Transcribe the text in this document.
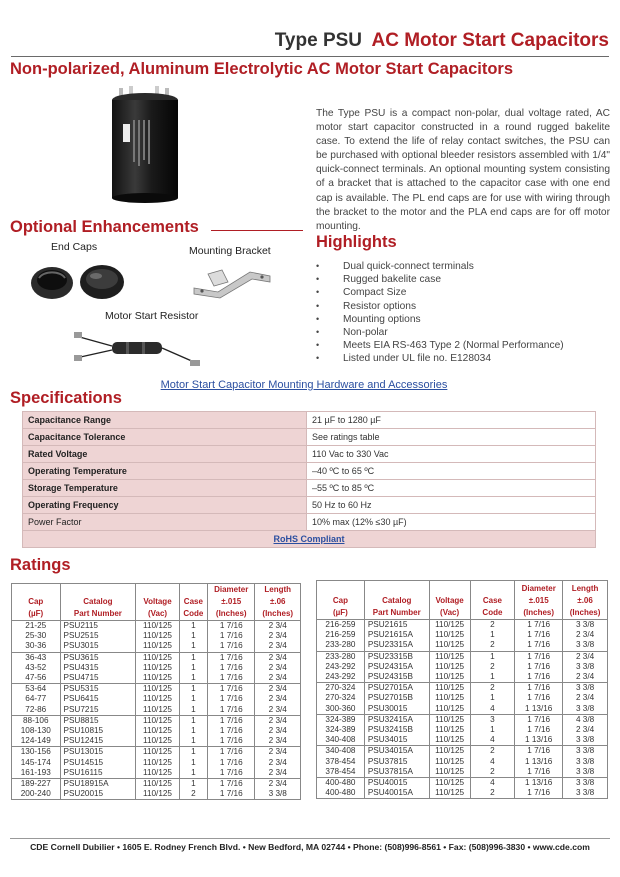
Type PSU AC Motor Start Capacitors
Non-polarized, Aluminum Electrolytic AC Motor Start Capacitors

The Type PSU is a compact non-polar, dual voltage rated, AC motor start capacitor constructed in a round rugged bakelite case. To extend the life of relay contact switches, the PSU can be purchased with optional bleeder resistors assembled with 1/4" quick-connect terminals. An optional mounting system consisting of a bracket that is attached to the capacitor case with one end cap is available. The PL end caps are for use with wiring through the bracket to the motor and the PLA end caps are for off motor mounting.

Optional Enhancements
End Caps	Mounting Bracket
Motor Start Resistor
Highlights
• Dual quick-connect terminals
• Rugged bakelite case
• Compact Size
• Resistor options
• Mounting options
• Non-polar
• Meets EIA RS-463 Type 2 (Normal Performance)
• Listed under UL file no. E128034
Motor Start Capacitor Mounting Hardware and Accessories
Specifications
Capacitance Range	21 µF to 1280 µF
Capacitance Tolerance	See ratings table
Rated Voltage	110 Vac to 330 Vac
Operating Temperature	–40 ºC to 65 ºC
Storage Temperature	–55 ºC to 85 ºC
Operating Frequency	50 Hz to 60 Hz
Power Factor	10% max (12% ≤30 µF)
RoHS Compliant	
Ratings
Cap
(µF)	Catalog
Part Number	Voltage
(Vac)	Case
Code	Diameter
±.015
(Inches)	Length
±.06
(Inches)
21-25	PSU2115	110/125	1	1 7/16	2 3/4
25-30	PSU2515	110/125	1	1 7/16	2 3/4
30-36	PSU3015	110/125	1	1 7/16	2 3/4
36-43	PSU3615	110/125	1	1 7/16	2 3/4
43-52	PSU4315	110/125	1	1 7/16	2 3/4
47-56	PSU4715	110/125	1	1 7/16	2 3/4
53-64	PSU5315	110/125	1	1 7/16	2 3/4
64-77	PSU6415	110/125	1	1 7/16	2 3/4
72-86	PSU7215	110/125	1	1 7/16	2 3/4
88-106	PSU8815	110/125	1	1 7/16	2 3/4
108-130	PSU10815	110/125	1	1 7/16	2 3/4
124-149	PSU12415	110/125	1	1 7/16	2 3/4
130-156	PSU13015	110/125	1	1 7/16	2 3/4
145-174	PSU14515	110/125	1	1 7/16	2 3/4
161-193	PSU16115	110/125	1	1 7/16	2 3/4
189-227	PSU18915A	110/125	1	1 7/16	2 3/4
200-240	PSU20015	110/125	2	1 7/16	3 3/8
Cap
(µF)	Catalog
Part Number	Voltage
(Vac)	Case
Code	Diameter
±.015
(Inches)	Length
±.06
(Inches)
216-259	PSU21615	110/125	2	1 7/16	3 3/8
216-259	PSU21615A	110/125	1	1 7/16	2 3/4
233-280	PSU23315A	110/125	2	1 7/16	3 3/8
233-280	PSU23315B	110/125	1	1 7/16	2 3/4
243-292	PSU24315A	110/125	2	1 7/16	3 3/8
243-292	PSU24315B	110/125	1	1 7/16	2 3/4
270-324	PSU27015A	110/125	2	1 7/16	3 3/8
270-324	PSU27015B	110/125	1	1 7/16	2 3/4
300-360	PSU30015	110/125	4	1 13/16	3 3/8
324-389	PSU32415A	110/125	3	1 7/16	4 3/8
324-389	PSU32415B	110/125	1	1 7/16	2 3/4
340-408	PSU34015	110/125	4	1 13/16	3 3/8
340-408	PSU34015A	110/125	2	1 7/16	3 3/8
378-454	PSU37815	110/125	4	1 13/16	3 3/8
378-454	PSU37815A	110/125	2	1 7/16	3 3/8
400-480	PSU40015	110/125	4	1 13/16	3 3/8
400-480	PSU40015A	110/125	2	1 7/16	3 3/8
CDE Cornell Dubilier • 1605 E. Rodney French Blvd. • New Bedford, MA 02744 • Phone: (508)996-8561 • Fax: (508)996-3830 • www.cde.com
